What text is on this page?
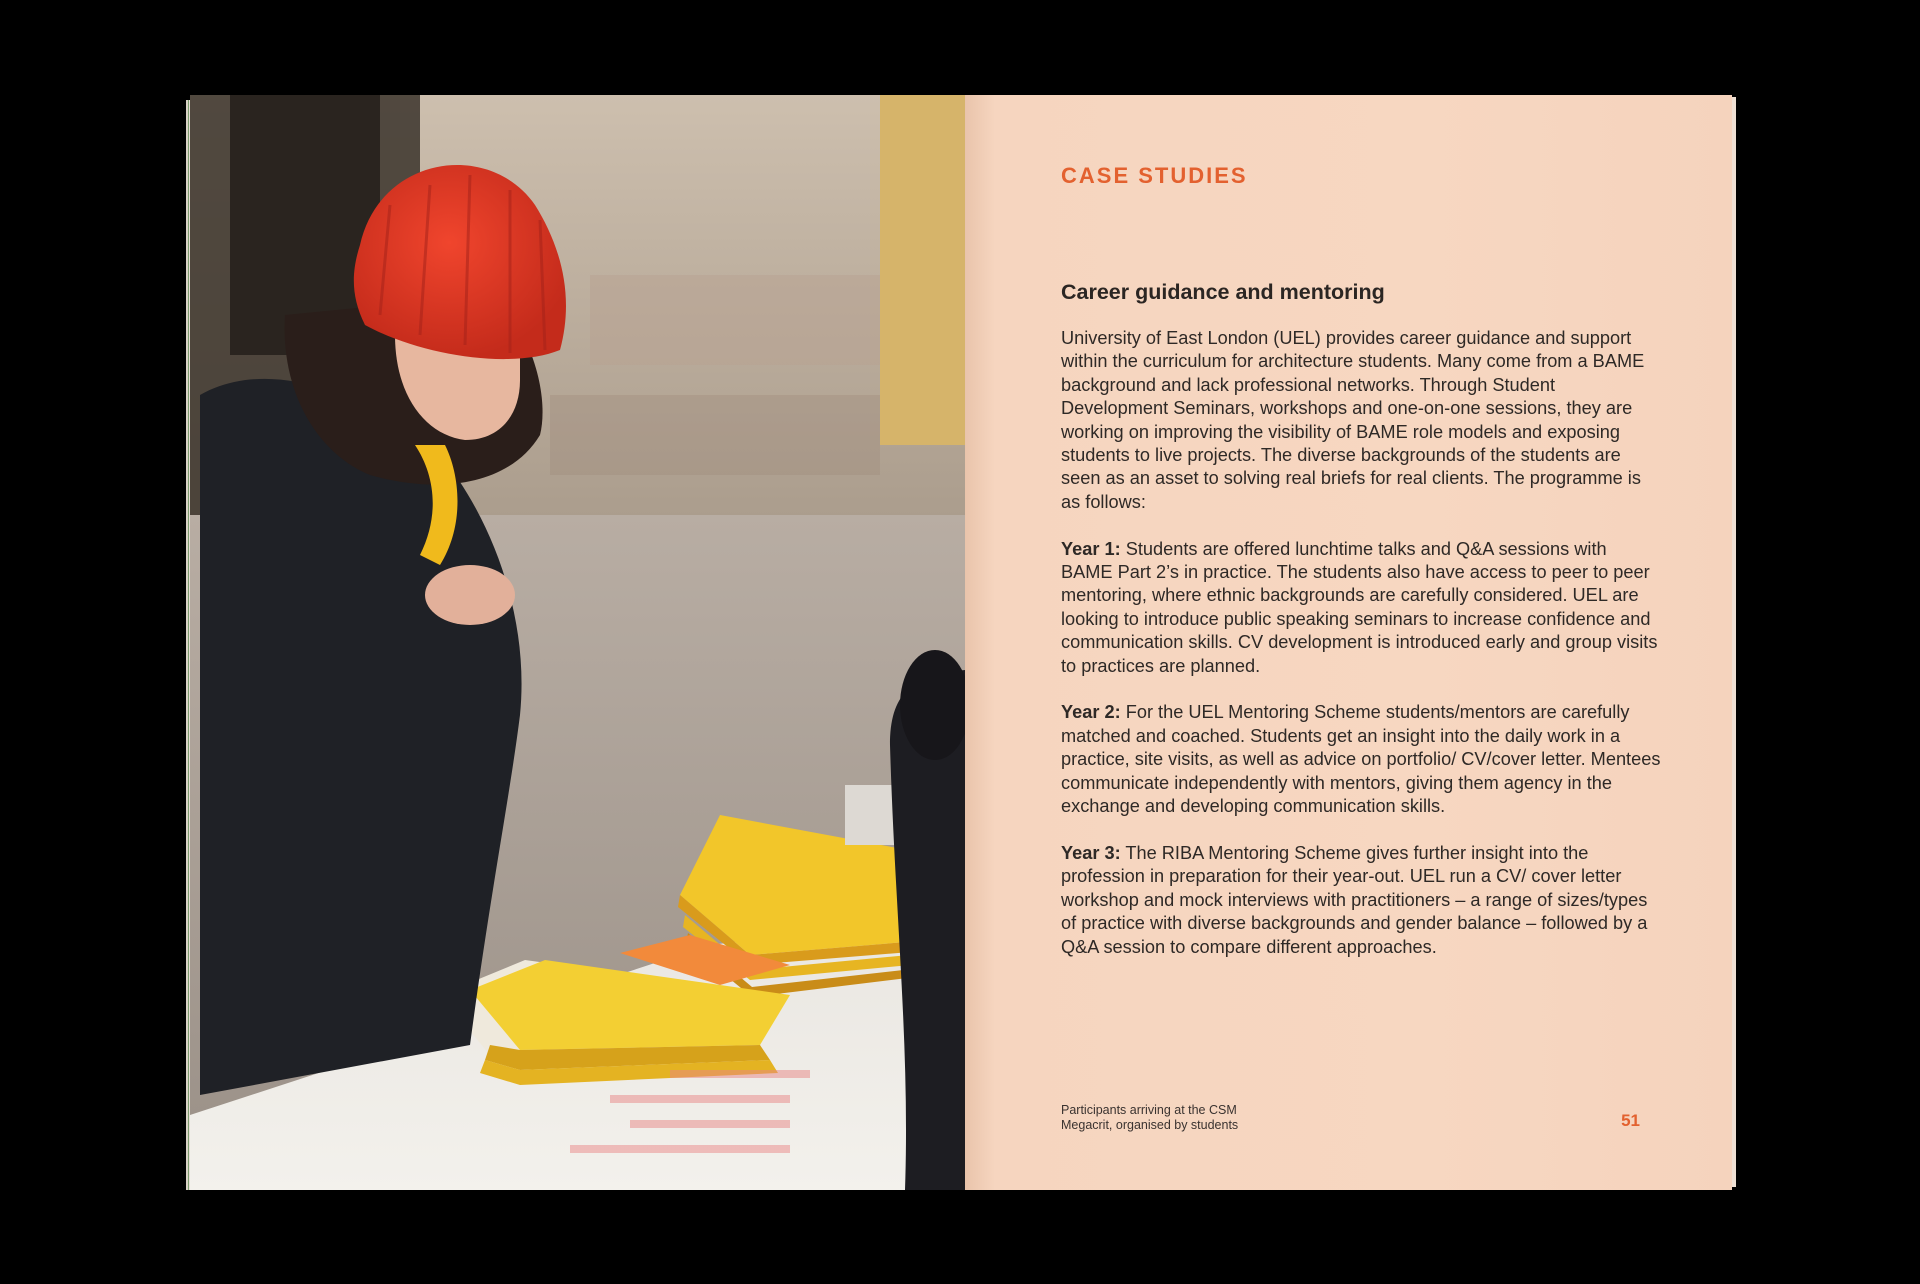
CASE STUDIES
Career guidance and mentoring

University of East London (UEL) provides career guidance and support within the curriculum for architecture students. Many come from a BAME background and lack professional networks. Through Student Development Seminars, workshops and one-on-one sessions, they are working on improving the visibility of BAME role models and exposing students to live projects. The diverse backgrounds of the students are seen as an asset to solving real briefs for real clients. The programme is as follows:

Year 1: Students are offered lunchtime talks and Q&A sessions with BAME Part 2’s in practice. The students also have access to peer to peer mentoring, where ethnic backgrounds are carefully considered. UEL are looking to introduce public speaking seminars to increase confidence and communication skills. CV development is introduced early and group visits to practices are planned.

Year 2: For the UEL Mentoring Scheme students/mentors are carefully matched and coached. Students get an insight into the daily work in a practice, site visits, as well as advice on portfolio/ CV/cover letter. Mentees communicate independently with mentors, giving them agency in the exchange and developing communication skills.

Year 3: The RIBA Mentoring Scheme gives further insight into the profession in preparation for their year-out. UEL run a CV/ cover letter workshop and mock interviews with practitioners – a range of sizes/types of practice with diverse backgrounds and gender balance – followed by a Q&A session to compare different approaches.

Participants arriving at the CSM
Megacrit, organised by students	51
